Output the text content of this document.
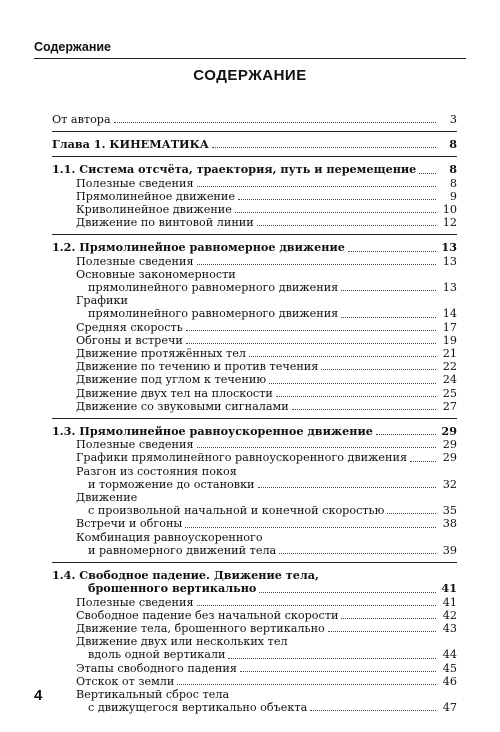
Содержание
СОДЕРЖАНИЕ
От автора	3
Глава 1. КИНЕМАТИКА	8
1.1. Система отсчёта, траектория, путь и перемещение	8
Полезные сведения	8
Прямолинейное движение	9
Криволинейное движение	10
Движение по винтовой линии	12
1.2. Прямолинейное равномерное движение	13
Полезные сведения	13
Основные закономерности
прямолинейного равномерного движения	13
Графики
прямолинейного равномерного движения	14
Средняя скорость	17
Обгоны и встречи	19
Движение протяжённых тел	21
Движение по течению и против течения	22
Движение под углом к течению	24
Движение двух тел на плоскости	25
Движение со звуковыми сигналами	27
1.3. Прямолинейное равноускоренное движение	29
Полезные сведения	29
Графики прямолинейного равноускоренного движения	29
Разгон из состояния покоя
и торможение до остановки	32
Движение
с произвольной начальной и конечной скоростью	35
Встречи и обгоны	38
Комбинация равноускоренного
и равномерного движений тела	39
1.4. Свободное падение. Движение тела,
брошенного вертикально	41
Полезные сведения	41
Свободное падение без начальной скорости	42
Движение тела, брошенного вертикально	43
Движение двух или нескольких тел
вдоль одной вертикали	44
Этапы свободного падения	45
Отскок от земли	46
Вертикальный сброс тела
с движущегося вертикально объекта	47
4
